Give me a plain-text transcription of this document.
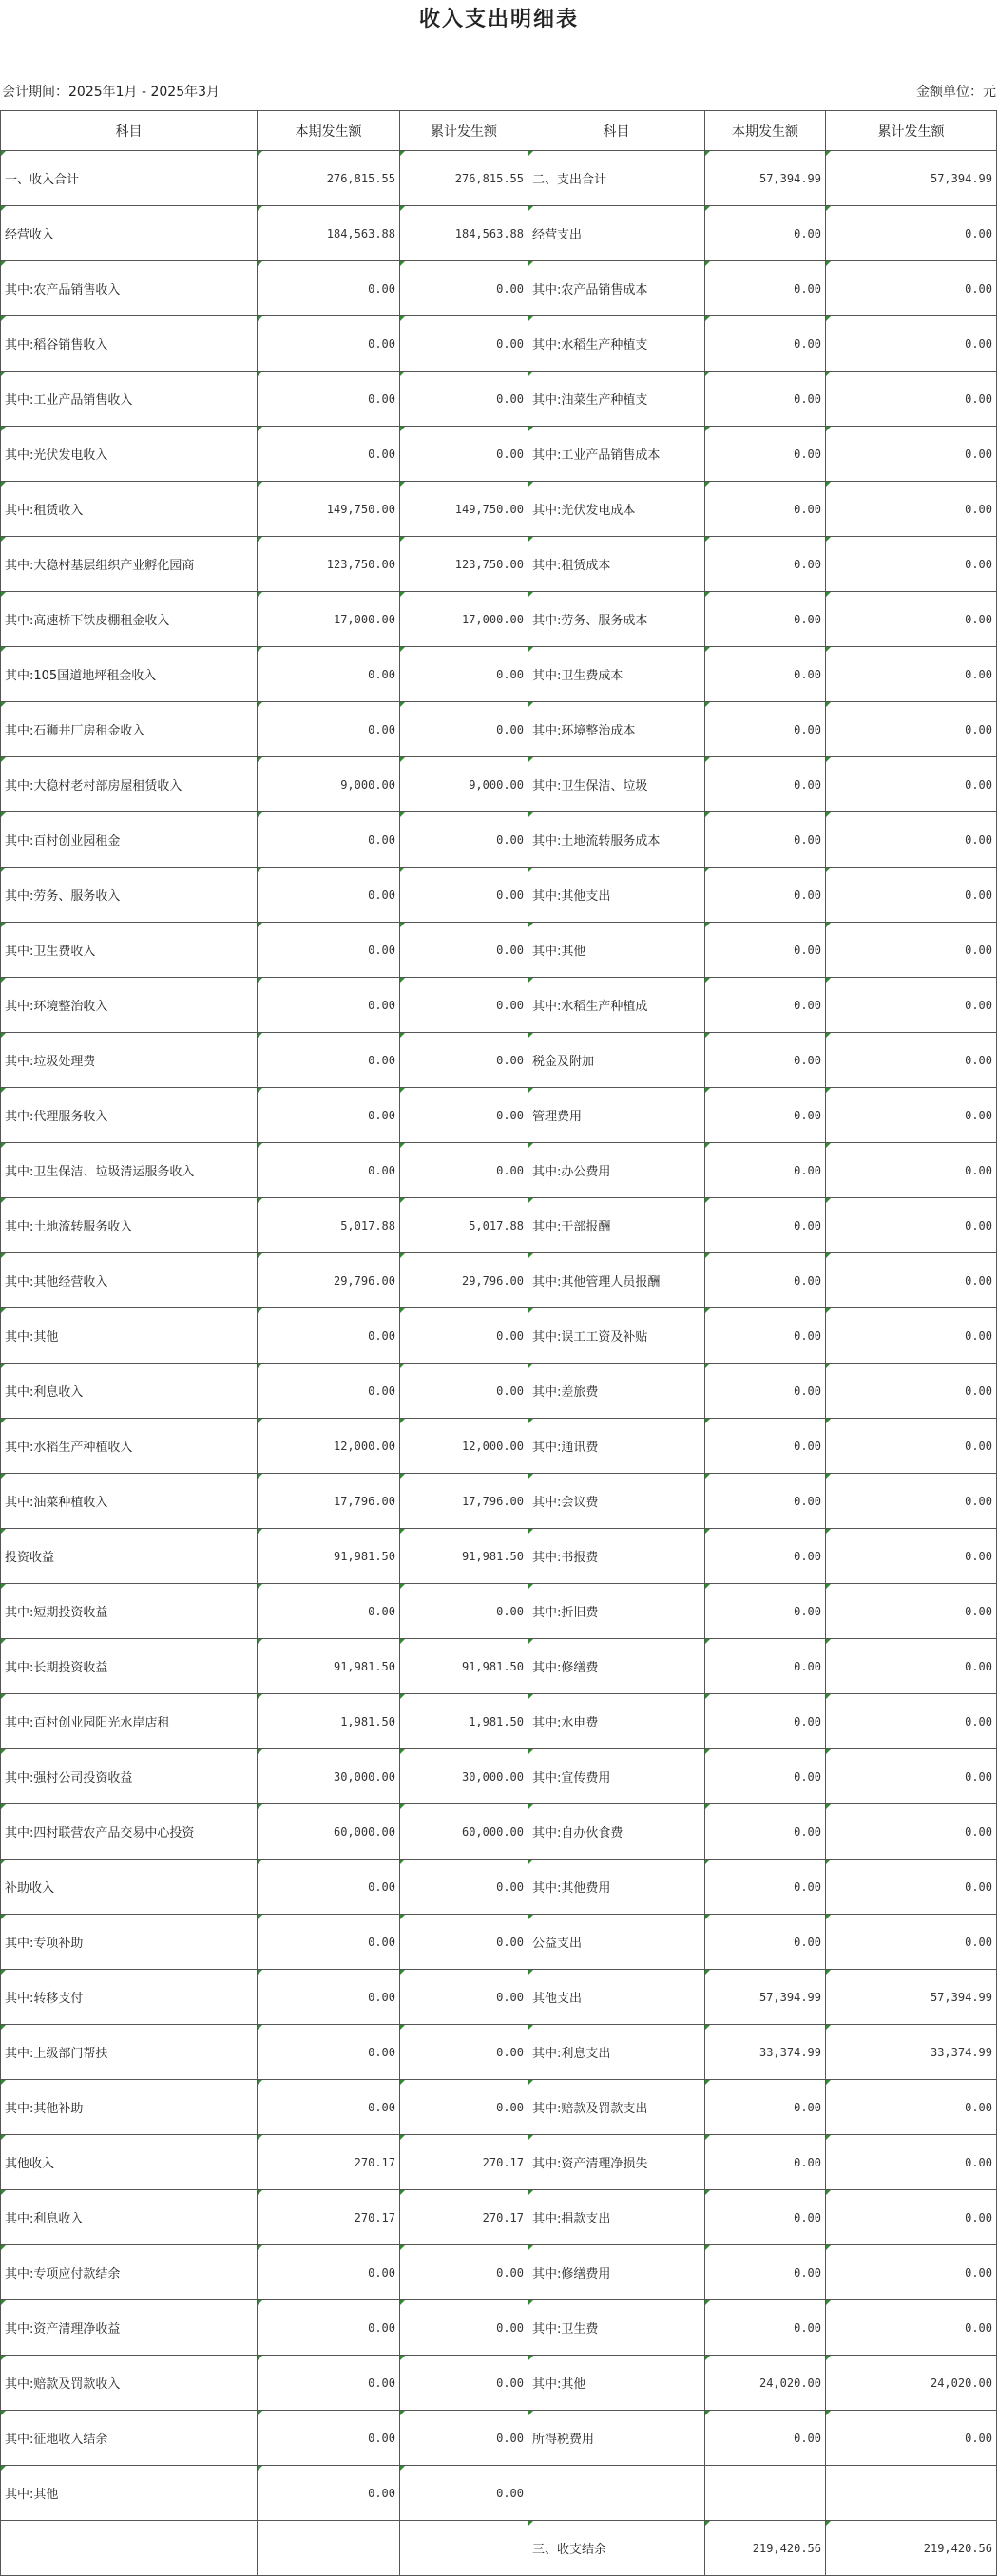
收入支出明细表
会计期间：2025年1月 - 2025年3月	金额单位：元
科目	本期发生额	累计发生额	科目	本期发生额	累计发生额
一、收入合计	276,815.55	276,815.55	二、支出合计	57,394.99	57,394.99
经营收入	184,563.88	184,563.88	经营支出	0.00	0.00
其中:农产品销售收入	0.00	0.00	其中:农产品销售成本	0.00	0.00
其中:稻谷销售收入	0.00	0.00	其中:水稻生产种植支	0.00	0.00
其中:工业产品销售收入	0.00	0.00	其中:油菜生产种植支	0.00	0.00
其中:光伏发电收入	0.00	0.00	其中:工业产品销售成本	0.00	0.00
其中:租赁收入	149,750.00	149,750.00	其中:光伏发电成本	0.00	0.00
其中:大稳村基层组织产业孵化园商	123,750.00	123,750.00	其中:租赁成本	0.00	0.00
其中:高速桥下铁皮棚租金收入	17,000.00	17,000.00	其中:劳务、服务成本	0.00	0.00
其中:105国道地坪租金收入	0.00	0.00	其中:卫生费成本	0.00	0.00
其中:石狮井厂房租金收入	0.00	0.00	其中:环境整治成本	0.00	0.00
其中:大稳村老村部房屋租赁收入	9,000.00	9,000.00	其中:卫生保洁、垃圾	0.00	0.00
其中:百村创业园租金	0.00	0.00	其中:土地流转服务成本	0.00	0.00
其中:劳务、服务收入	0.00	0.00	其中:其他支出	0.00	0.00
其中:卫生费收入	0.00	0.00	其中:其他	0.00	0.00
其中:环境整治收入	0.00	0.00	其中:水稻生产种植成	0.00	0.00
其中:垃圾处理费	0.00	0.00	税金及附加	0.00	0.00
其中:代理服务收入	0.00	0.00	管理费用	0.00	0.00
其中:卫生保洁、垃圾清运服务收入	0.00	0.00	其中:办公费用	0.00	0.00
其中:土地流转服务收入	5,017.88	5,017.88	其中:干部报酬	0.00	0.00
其中:其他经营收入	29,796.00	29,796.00	其中:其他管理人员报酬	0.00	0.00
其中:其他	0.00	0.00	其中:误工工资及补贴	0.00	0.00
其中:利息收入	0.00	0.00	其中:差旅费	0.00	0.00
其中:水稻生产种植收入	12,000.00	12,000.00	其中:通讯费	0.00	0.00
其中:油菜种植收入	17,796.00	17,796.00	其中:会议费	0.00	0.00
投资收益	91,981.50	91,981.50	其中:书报费	0.00	0.00
其中:短期投资收益	0.00	0.00	其中:折旧费	0.00	0.00
其中:长期投资收益	91,981.50	91,981.50	其中:修缮费	0.00	0.00
其中:百村创业园阳光水岸店租	1,981.50	1,981.50	其中:水电费	0.00	0.00
其中:强村公司投资收益	30,000.00	30,000.00	其中:宣传费用	0.00	0.00
其中:四村联营农产品交易中心投资	60,000.00	60,000.00	其中:自办伙食费	0.00	0.00
补助收入	0.00	0.00	其中:其他费用	0.00	0.00
其中:专项补助	0.00	0.00	公益支出	0.00	0.00
其中:转移支付	0.00	0.00	其他支出	57,394.99	57,394.99
其中:上级部门帮扶	0.00	0.00	其中:利息支出	33,374.99	33,374.99
其中:其他补助	0.00	0.00	其中:赔款及罚款支出	0.00	0.00
其他收入	270.17	270.17	其中:资产清理净损失	0.00	0.00
其中:利息收入	270.17	270.17	其中:捐款支出	0.00	0.00
其中:专项应付款结余	0.00	0.00	其中:修缮费用	0.00	0.00
其中:资产清理净收益	0.00	0.00	其中:卫生费	0.00	0.00
其中:赔款及罚款收入	0.00	0.00	其中:其他	24,020.00	24,020.00
其中:征地收入结余	0.00	0.00	所得税费用	0.00	0.00
其中:其他	0.00	0.00			
			三、收支结余	219,420.56	219,420.56
